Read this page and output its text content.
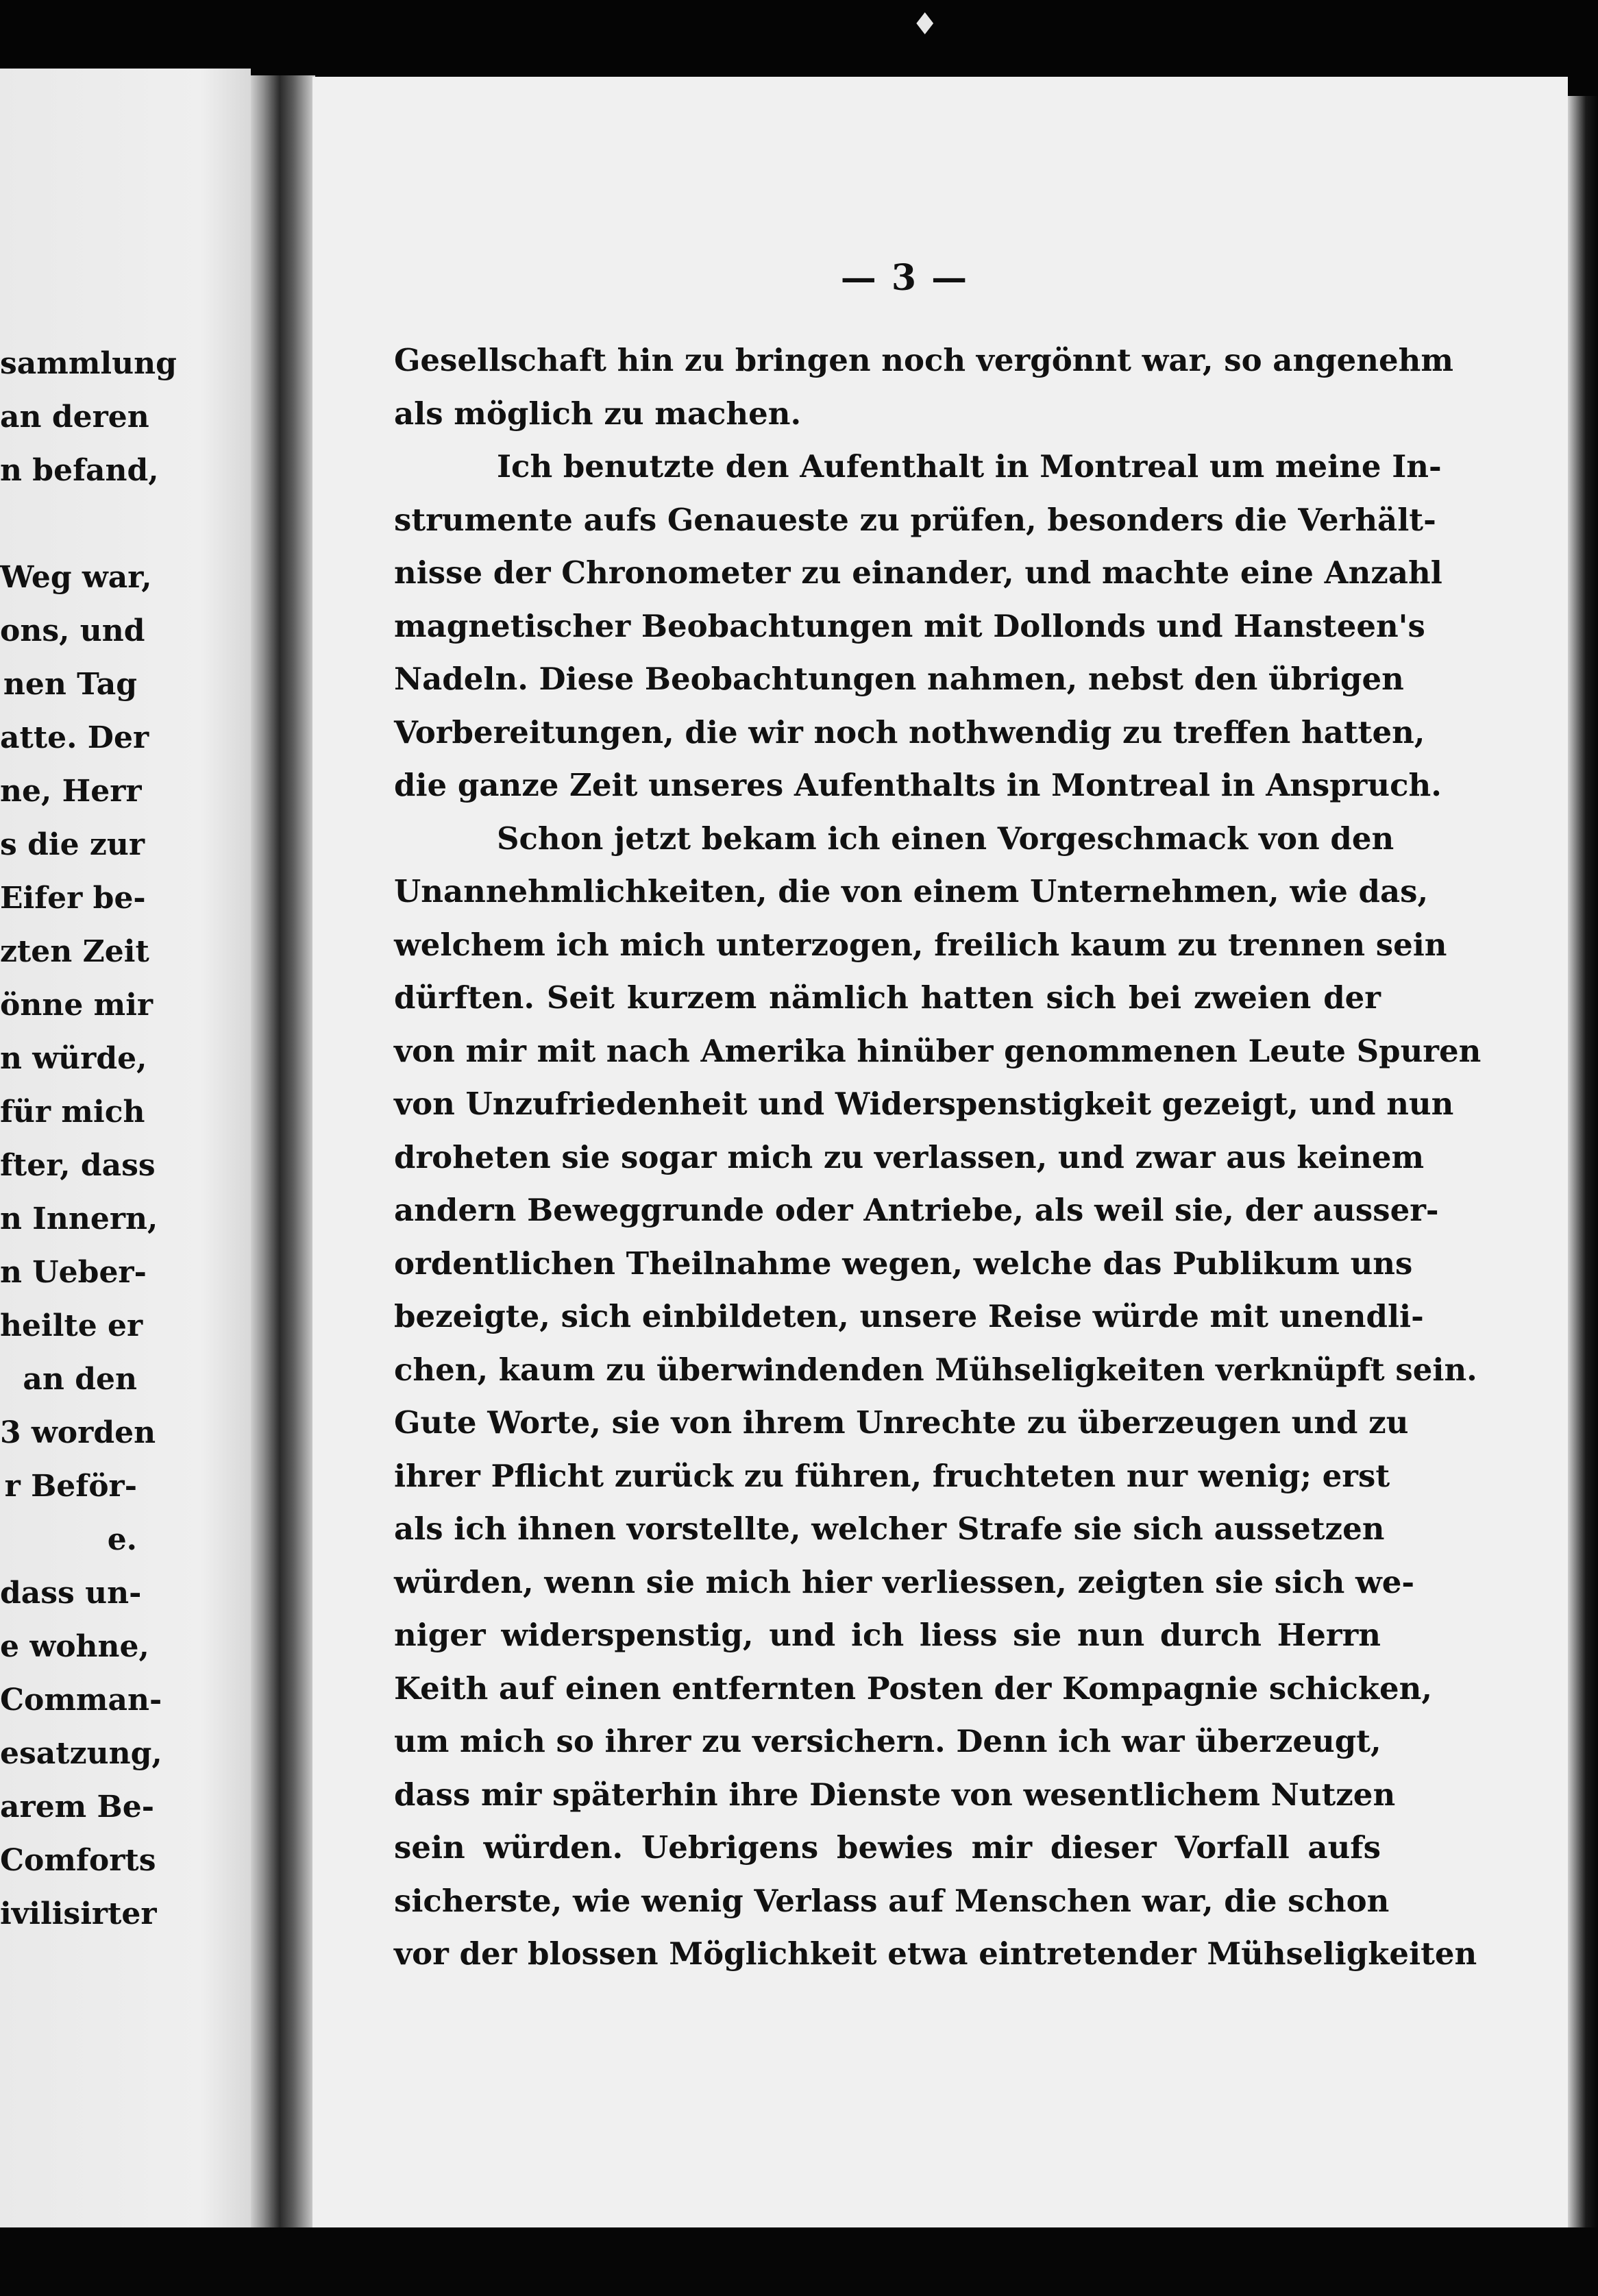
♦
sammlung
an deren
n befand,
Weg war,
ons, und
nen Tag
atte. Der
ne, Herr
s die zur
Eifer be-
zten Zeit
önne mir
n würde,
für mich
fter, dass
n Innern,
n Ueber-
heilte er
an den
3 worden
r Beför-
e.
dass un-
e wohne,
Comman-
esatzung,
arem Be-
Comforts
ivilisirter
— 3 —
Gesellschaft hin zu bringen noch vergönnt war, so angenehm
als möglich zu machen.
Ich benutzte den Aufenthalt in Montreal um meine In-
strumente aufs Genaueste zu prüfen, besonders die Verhält-
nisse der Chronometer zu einander, und machte eine Anzahl
magnetischer Beobachtungen mit Dollonds und Hansteen's
Nadeln. Diese Beobachtungen nahmen, nebst den übrigen
Vorbereitungen, die wir noch nothwendig zu treffen hatten,
die ganze Zeit unseres Aufenthalts in Montreal in Anspruch.
Schon jetzt bekam ich einen Vorgeschmack von den
Unannehmlichkeiten, die von einem Unternehmen, wie das,
welchem ich mich unterzogen, freilich kaum zu trennen sein
dürften. Seit kurzem nämlich hatten sich bei zweien der
von mir mit nach Amerika hinüber genommenen Leute Spuren
von Unzufriedenheit und Widerspenstigkeit gezeigt, und nun
droheten sie sogar mich zu verlassen, und zwar aus keinem
andern Beweggrunde oder Antriebe, als weil sie, der ausser-
ordentlichen Theilnahme wegen, welche das Publikum uns
bezeigte, sich einbildeten, unsere Reise würde mit unendli-
chen, kaum zu überwindenden Mühseligkeiten verknüpft sein.
Gute Worte, sie von ihrem Unrechte zu überzeugen und zu
ihrer Pflicht zurück zu führen, fruchteten nur wenig; erst
als ich ihnen vorstellte, welcher Strafe sie sich aussetzen
würden, wenn sie mich hier verliessen, zeigten sie sich we-
niger widerspenstig, und ich liess sie nun durch Herrn
Keith auf einen entfernten Posten der Kompagnie schicken,
um mich so ihrer zu versichern. Denn ich war überzeugt,
dass mir späterhin ihre Dienste von wesentlichem Nutzen
sein würden. Uebrigens bewies mir dieser Vorfall aufs
sicherste, wie wenig Verlass auf Menschen war, die schon
vor der blossen Möglichkeit etwa eintretender Mühseligkeiten
